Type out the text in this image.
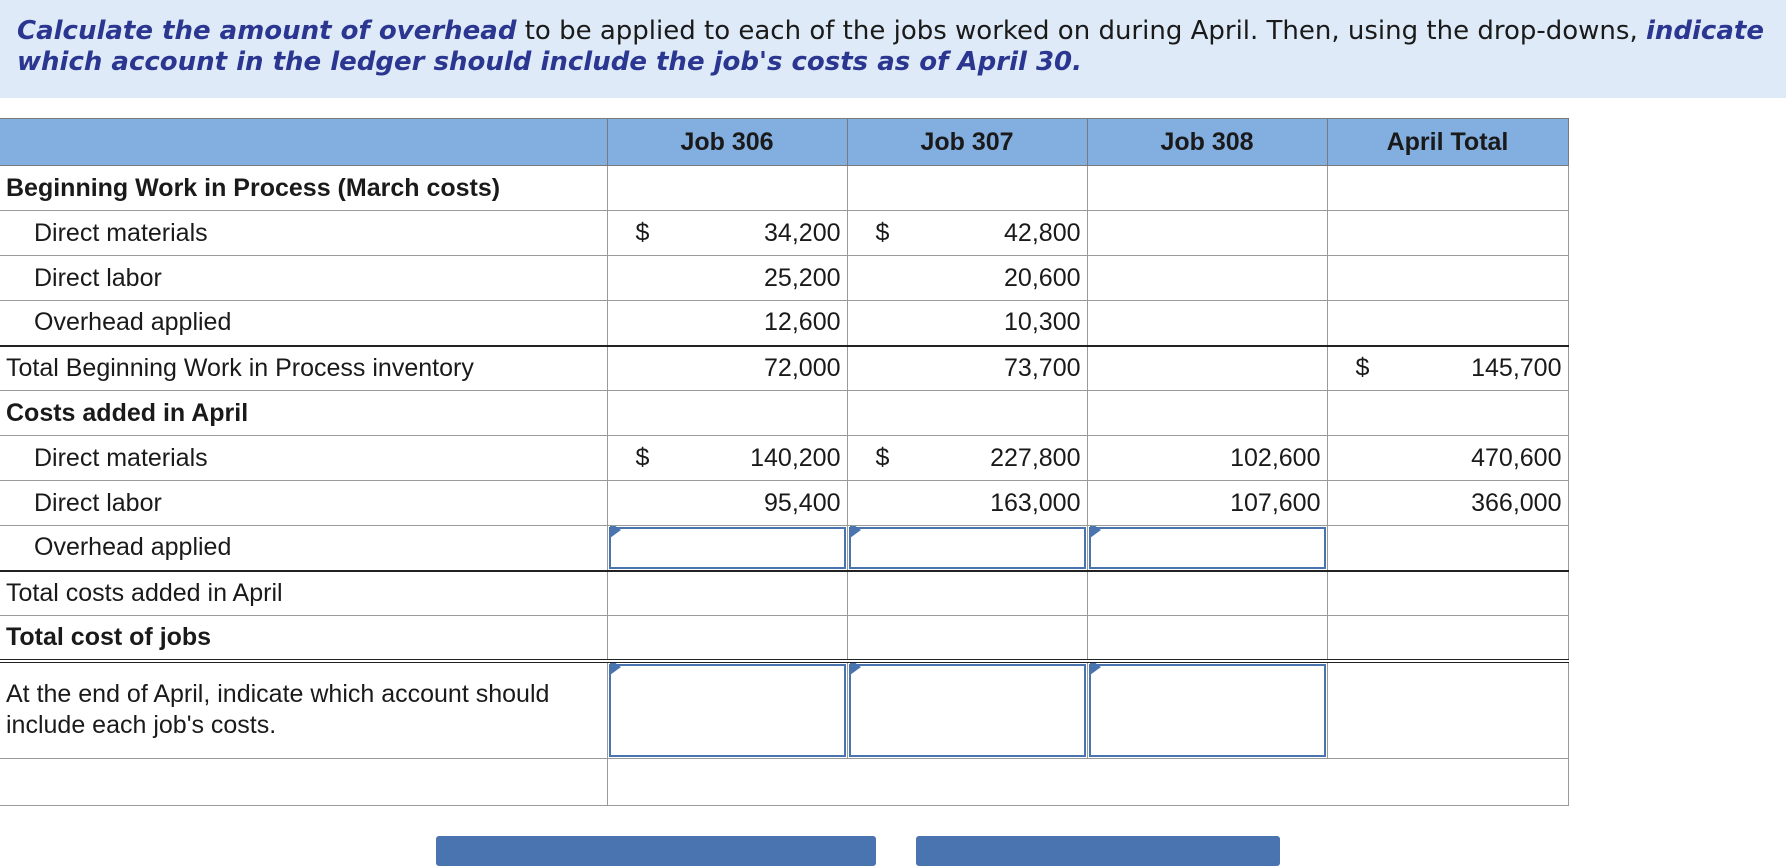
Calculate the amount of overhead to be applied to each of the jobs worked on during April. Then, using the drop-downs, indicate
which account in the ledger should include the job's costs as of April 30.
	Job 306	Job 307	Job 308	April Total
Beginning Work in Process (March costs)				
Direct materials	$ 34,200	$ 42,800		
Direct labor	25,200	20,600		
Overhead applied	12,600	10,300		
Total Beginning Work in Process inventory	72,000	73,700		$ 145,700
Costs added in April				
Direct materials	$ 140,200	$ 227,800	102,600	470,600
Direct labor	95,400	163,000	107,600	366,000
Overhead applied	

Total costs added in April				
Total cost of jobs				
At the end of April, indicate which account should include each job's costs.	
